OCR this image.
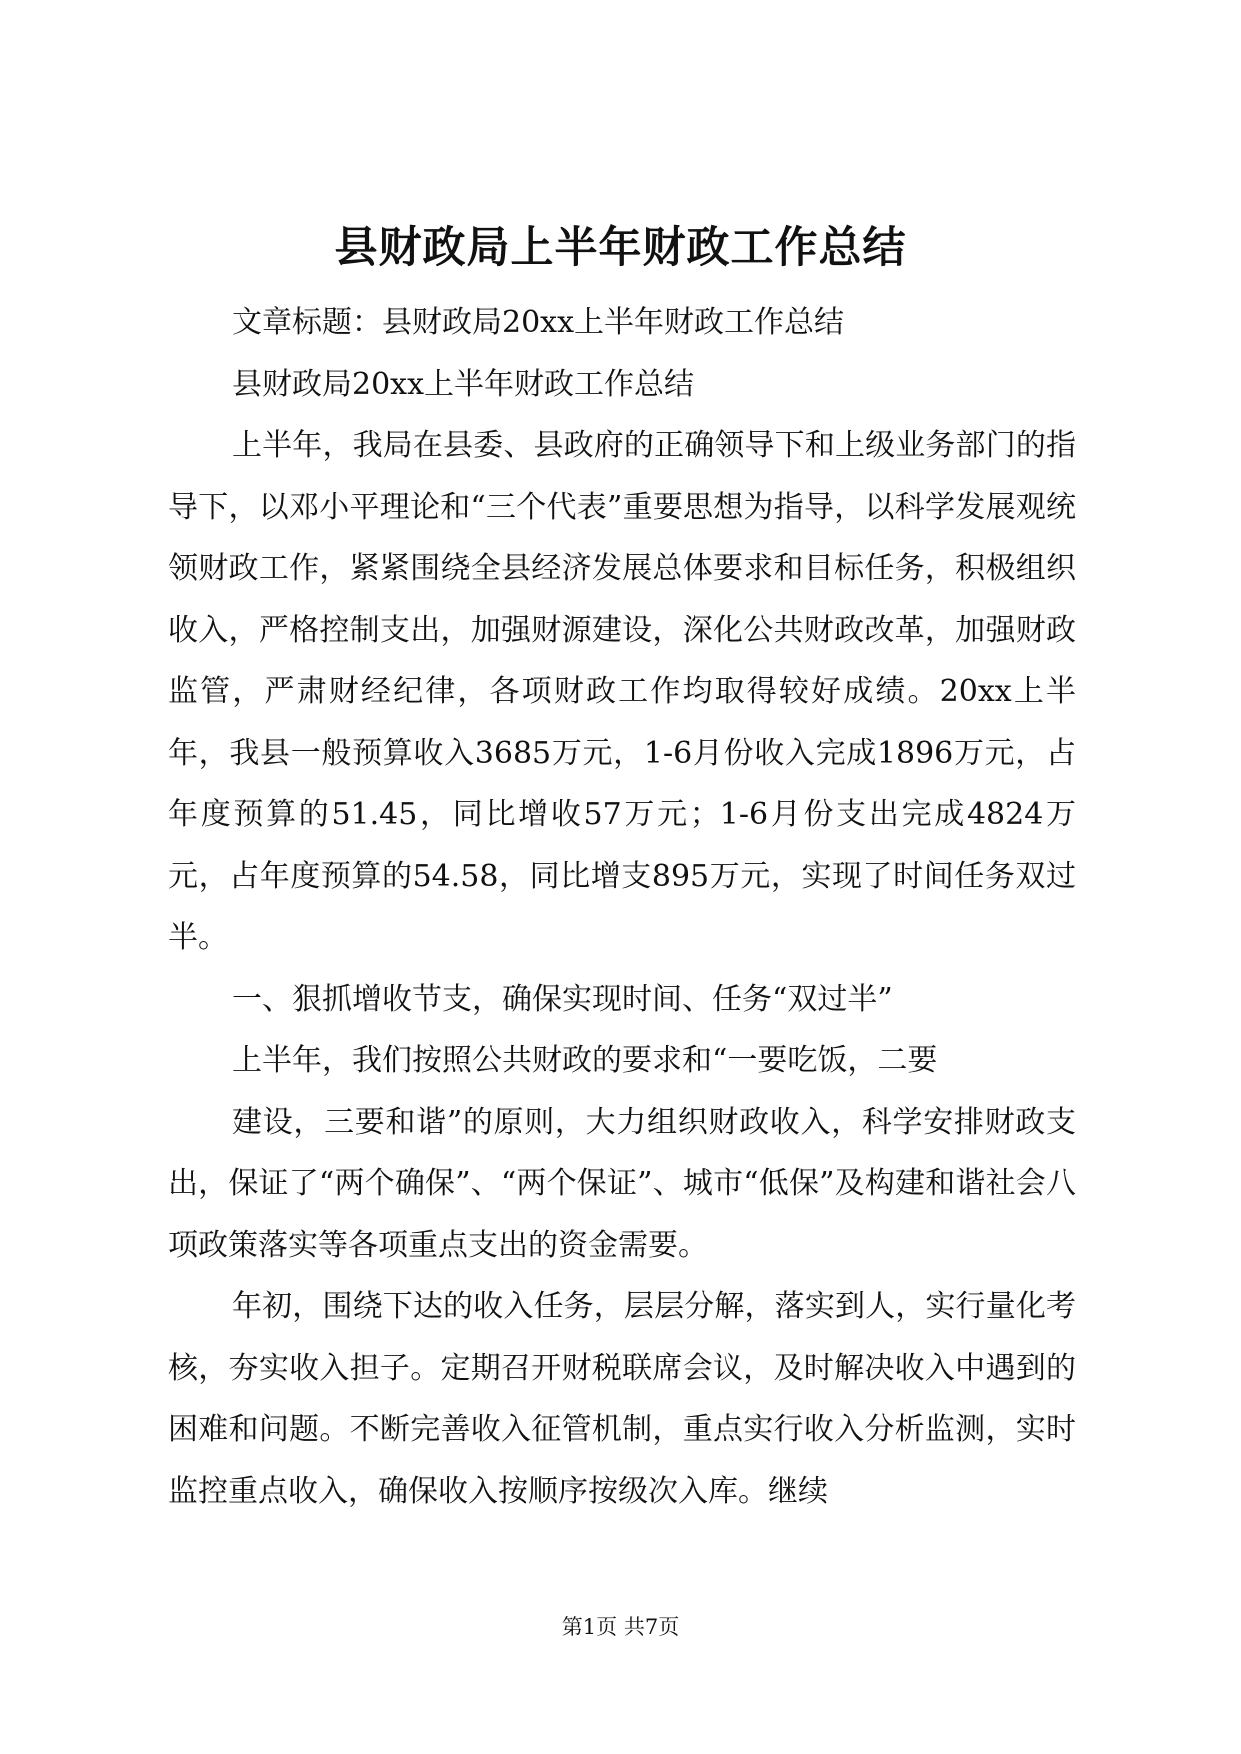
县财政局上半年财政工作总结

文章标题：县财政局20xx上半年财政工作总结

县财政局20xx上半年财政工作总结

上半年，我局在县委、县政府的正确领导下和上级业务部门的指导下，以邓小平理论和“三个代表”重要思想为指导，以科学发展观统领财政工作，紧紧围绕全县经济发展总体要求和目标任务，积极组织收入，严格控制支出，加强财源建设，深化公共财政改革，加强财政监管，严肃财经纪律，各项财政工作均取得较好成绩。20xx上半年，我县一般预算收入3685万元，1-6月份收入完成1896万元，占年度预算的51.45，同比增收57万元；1-6月份支出完成4824万元，占年度预算的54.58，同比增支895万元，实现了时间任务双过半。

一、狠抓增收节支，确保实现时间、任务“双过半”

上半年，我们按照公共财政的要求和“一要吃饭，二要

建设，三要和谐”的原则，大力组织财政收入，科学安排财政支出，保证了“两个确保”、“两个保证”、城市“低保”及构建和谐社会八项政策落实等各项重点支出的资金需要。

年初，围绕下达的收入任务，层层分解，落实到人，实行量化考核，夯实收入担子。定期召开财税联席会议，及时解决收入中遇到的困难和问题。不断完善收入征管机制，重点实行收入分析监测，实时监控重点收入，确保收入按顺序按级次入库。继续

第1页 共7页
